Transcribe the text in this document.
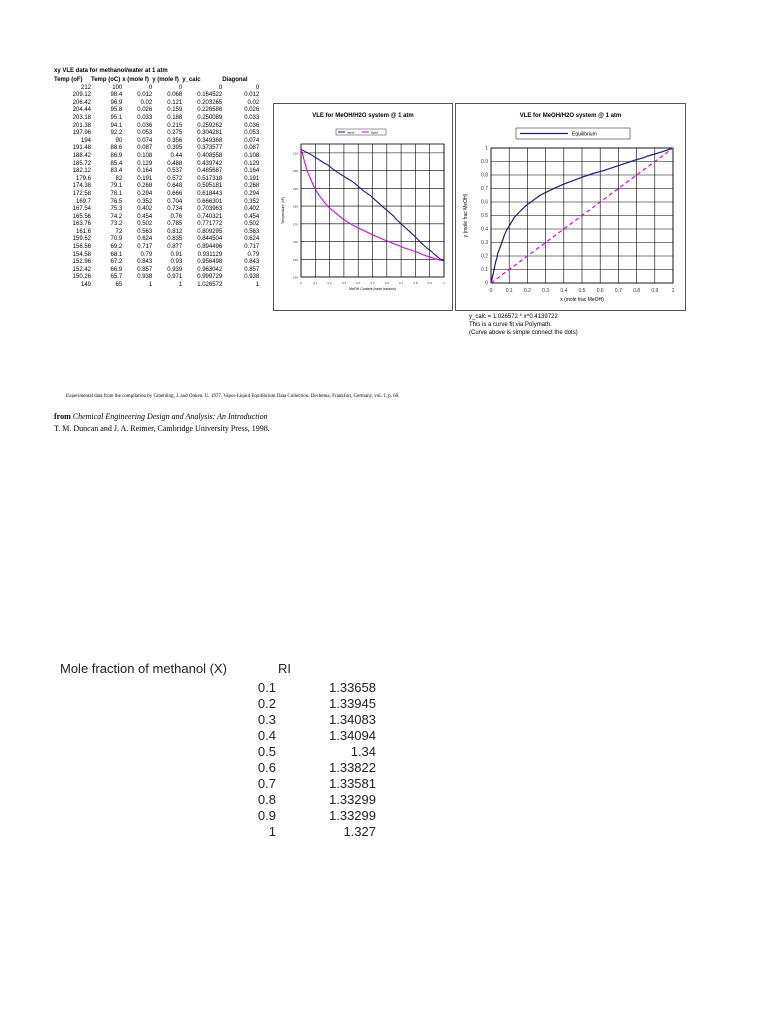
xy VLE data for methanol/water at 1 atm
Temp (oF)	Temp (oC)	x (mole f)	y (mole f)	y_calc	Diagonal
212	100	0	0	0	0
209.12	98.4	0.012	0.068	0.164522	0.012
206.42	96.9	0.02	0.121	0.203265	0.02
204.44	95.8	0.026	0.159	0.226586	0.026
203.18	95.1	0.033	0.188	0.250089	0.033
201.38	94.1	0.036	0.215	0.259262	0.036
197.96	92.2	0.053	0.275	0.304281	0.053
194	90	0.074	0.356	0.349368	0.074
191.48	88.6	0.087	0.395	0.373577	0.087
188.42	86.9	0.108	0.44	0.408558	0.108
185.72	85.4	0.129	0.488	0.439742	0.129
182.12	83.4	0.164	0.537	0.485687	0.164
179.6	82	0.191	0.572	0.517318	0.191
174.38	79.1	0.268	0.648	0.595181	0.268
172.58	78.1	0.294	0.666	0.618443	0.294
169.7	76.5	0.352	0.704	0.666301	0.352
167.54	75.3	0.402	0.734	0.703963	0.402
165.56	74.2	0.454	0.76	0.740321	0.454
163.76	73.2	0.502	0.785	0.771772	0.502
161.6	72	0.563	0.812	0.809295	0.563
159.62	70.9	0.624	0.835	0.844504	0.624
156.56	69.2	0.717	0.877	0.894496	0.717
154.58	68.1	0.79	0.91	0.931129	0.79
152.96	67.2	0.843	0.93	0.956498	0.843
152.42	66.9	0.857	0.939	0.963042	0.857
150.26	65.7	0.938	0.971	0.999729	0.938
149	65	1	1	1.026572	1
VLE for MeOH/H2O system @ 1 atm
0	0.1	0.2	0.3	0.4	0.5	0.6	0.7	0.8	0.9	1
140
150
160
170
180
190
200
210
MeOH Content (mole fraction)
Temperature (oF)
vapor	liquid
VLE for MeOH/H2O system @ 1 atm
0	0.1 0.2 0.3 0.4 0.5 0.6 0.7 0.8 0.9	1
0
0.1
0.2
0.3
0.4
0.5
0.6
0.7
0.8
0.9
1
x (mole frac MeOH)
y (mole frac MeOH)
Equilibrium
y_calc = 1.026572 * x^0.4139722
This is a curve fit via Polymath.
(Curve above is simple connect the dots)
Experimental data from the compilation by Gmehling, J. and Onken, U. 1977. Vapor-Liquid Equilibrium Data Collection. Dechema, Frankfurt, Germany, vol. 1, p. 60.
from Chemical Engineering Design and Analysis: An Introduction
T. M. Duncan and J. A. Reimer, Cambridge University Press, 1998.
Mole fraction of methanol (X)	RI
0.1	1.33658
0.2	1.33945
0.3	1.34083
0.4	1.34094
0.5	1.34
0.6	1.33822
0.7	1.33581
0.8	1.33299
0.9	1.33299
1	1.327
